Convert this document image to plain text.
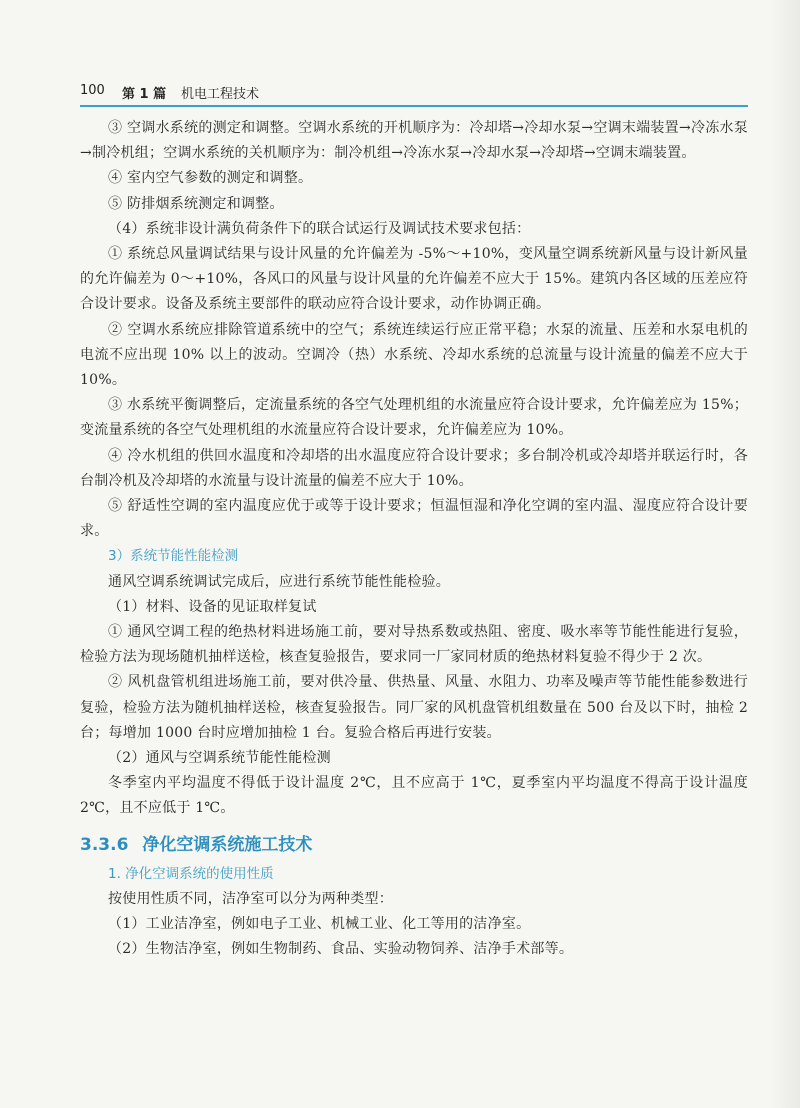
100 第 1 篇 机电工程技术

③ 空调水系统的测定和调整。空调水系统的开机顺序为：冷却塔→冷却水泵→空调末端装置→冷冻水泵→制冷机组；空调水系统的关机顺序为：制冷机组→冷冻水泵→冷却水泵→冷却塔→空调末端装置。

④ 室内空气参数的测定和调整。

⑤ 防排烟系统测定和调整。

（4）系统非设计满负荷条件下的联合试运行及调试技术要求包括：

① 系统总风量调试结果与设计风量的允许偏差为 -5%～+10%，变风量空调系统新风量与设计新风量的允许偏差为 0～+10%，各风口的风量与设计风量的允许偏差不应大于 15%。建筑内各区域的压差应符合设计要求。设备及系统主要部件的联动应符合设计要求，动作协调正确。

② 空调水系统应排除管道系统中的空气；系统连续运行应正常平稳；水泵的流量、压差和水泵电机的电流不应出现 10% 以上的波动。空调冷（热）水系统、冷却水系统的总流量与设计流量的偏差不应大于 10%。

③ 水系统平衡调整后，定流量系统的各空气处理机组的水流量应符合设计要求，允许偏差应为 15%；变流量系统的各空气处理机组的水流量应符合设计要求，允许偏差应为 10%。

④ 冷水机组的供回水温度和冷却塔的出水温度应符合设计要求；多台制冷机或冷却塔并联运行时，各台制冷机及冷却塔的水流量与设计流量的偏差不应大于 10%。

⑤ 舒适性空调的室内温度应优于或等于设计要求；恒温恒湿和净化空调的室内温、湿度应符合设计要求。

3）系统节能性能检测

通风空调系统调试完成后，应进行系统节能性能检验。

（1）材料、设备的见证取样复试

① 通风空调工程的绝热材料进场施工前，要对导热系数或热阻、密度、吸水率等节能性能进行复验，检验方法为现场随机抽样送检，核查复验报告，要求同一厂家同材质的绝热材料复验不得少于 2 次。

② 风机盘管机组进场施工前，要对供冷量、供热量、风量、水阻力、功率及噪声等节能性能参数进行复验，检验方法为随机抽样送检，核查复验报告。同厂家的风机盘管机组数量在 500 台及以下时，抽检 2 台；每增加 1000 台时应增加抽检 1 台。复验合格后再进行安装。

（2）通风与空调系统节能性能检测

冬季室内平均温度不得低于设计温度 2℃，且不应高于 1℃，夏季室内平均温度不得高于设计温度 2℃，且不应低于 1℃。

3.3.6 净化空调系统施工技术

1. 净化空调系统的使用性质

按使用性质不同，洁净室可以分为两种类型：

（1）工业洁净室，例如电子工业、机械工业、化工等用的洁净室。

（2）生物洁净室，例如生物制药、食品、实验动物饲养、洁净手术部等。
